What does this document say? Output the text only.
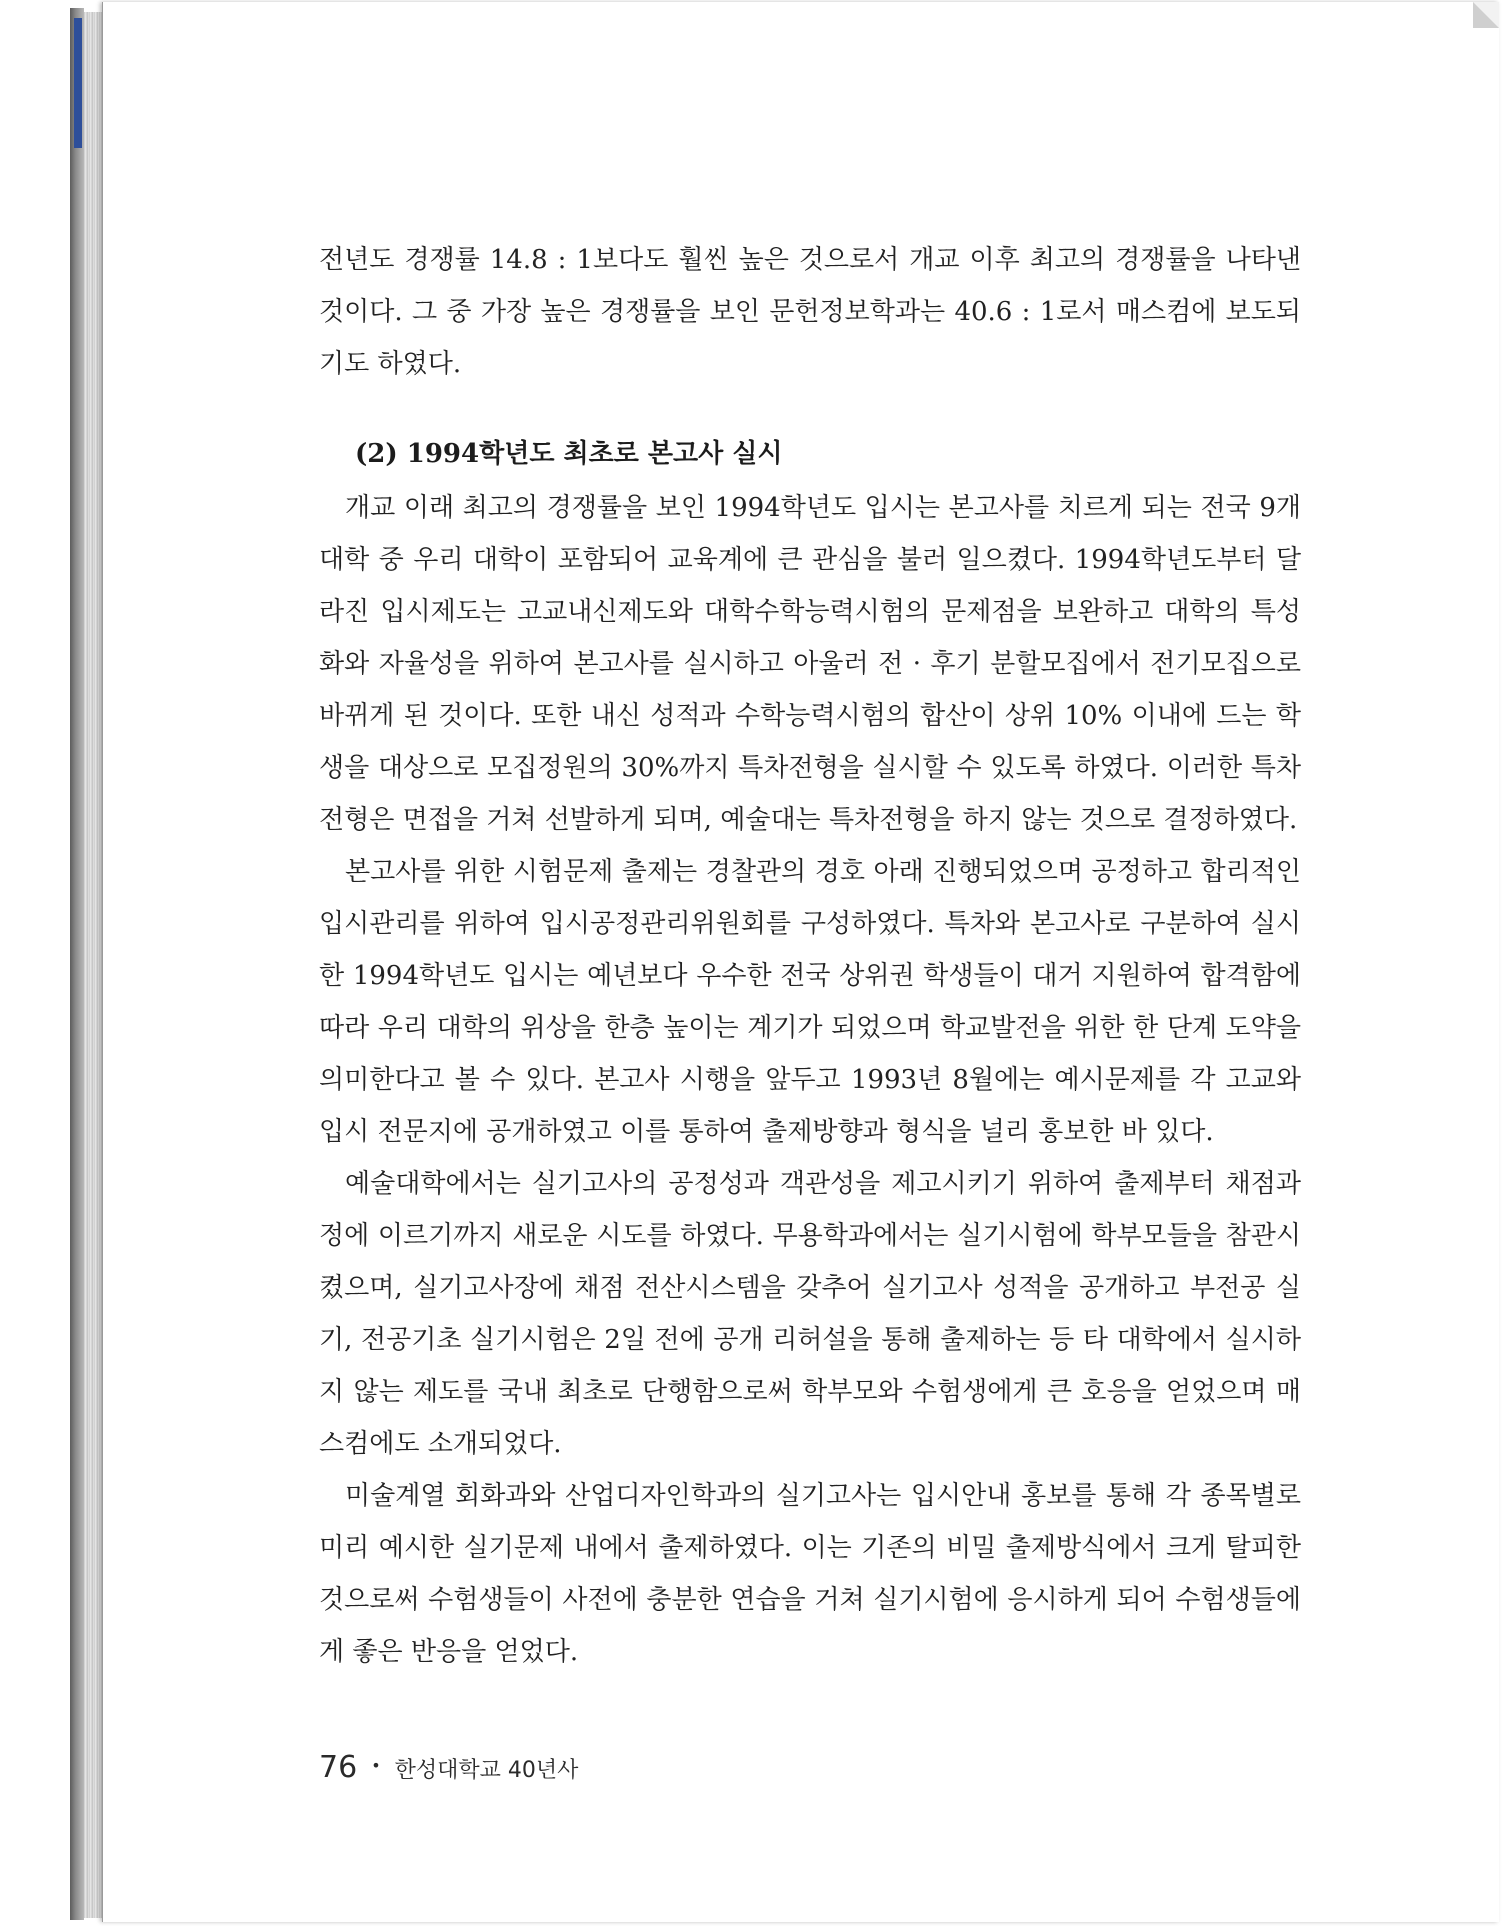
전년도 경쟁률 14.8 : 1보다도 훨씬 높은 것으로서 개교 이후 최고의 경쟁률을 나타낸 것이다. 그 중 가장 높은 경쟁률을 보인 문헌정보학과는 40.6 : 1로서 매스컴에 보도되기도 하였다.

(2) 1994학년도 최초로 본고사 실시

개교 이래 최고의 경쟁률을 보인 1994학년도 입시는 본고사를 치르게 되는 전국 9개 대학 중 우리 대학이 포함되어 교육계에 큰 관심을 불러 일으켰다. 1994학년도부터 달라진 입시제도는 고교내신제도와 대학수학능력시험의 문제점을 보완하고 대학의 특성화와 자율성을 위하여 본고사를 실시하고 아울러 전 · 후기 분할모집에서 전기모집으로 바뀌게 된 것이다. 또한 내신 성적과 수학능력시험의 합산이 상위 10% 이내에 드는 학생을 대상으로 모집정원의 30%까지 특차전형을 실시할 수 있도록 하였다. 이러한 특차전형은 면접을 거쳐 선발하게 되며, 예술대는 특차전형을 하지 않는 것으로 결정하였다.

본고사를 위한 시험문제 출제는 경찰관의 경호 아래 진행되었으며 공정하고 합리적인 입시관리를 위하여 입시공정관리위원회를 구성하였다. 특차와 본고사로 구분하여 실시한 1994학년도 입시는 예년보다 우수한 전국 상위권 학생들이 대거 지원하여 합격함에 따라 우리 대학의 위상을 한층 높이는 계기가 되었으며 학교발전을 위한 한 단계 도약을 의미한다고 볼 수 있다. 본고사 시행을 앞두고 1993년 8월에는 예시문제를 각 고교와 입시 전문지에 공개하였고 이를 통하여 출제방향과 형식을 널리 홍보한 바 있다.

예술대학에서는 실기고사의 공정성과 객관성을 제고시키기 위하여 출제부터 채점과정에 이르기까지 새로운 시도를 하였다. 무용학과에서는 실기시험에 학부모들을 참관시켰으며, 실기고사장에 채점 전산시스템을 갖추어 실기고사 성적을 공개하고 부전공 실기, 전공기초 실기시험은 2일 전에 공개 리허설을 통해 출제하는 등 타 대학에서 실시하지 않는 제도를 국내 최초로 단행함으로써 학부모와 수험생에게 큰 호응을 얻었으며 매스컴에도 소개되었다.

미술계열 회화과와 산업디자인학과의 실기고사는 입시안내 홍보를 통해 각 종목별로 미리 예시한 실기문제 내에서 출제하였다. 이는 기존의 비밀 출제방식에서 크게 탈피한 것으로써 수험생들이 사전에 충분한 연습을 거쳐 실기시험에 응시하게 되어 수험생들에게 좋은 반응을 얻었다.

76 • 한성대학교 40년사
